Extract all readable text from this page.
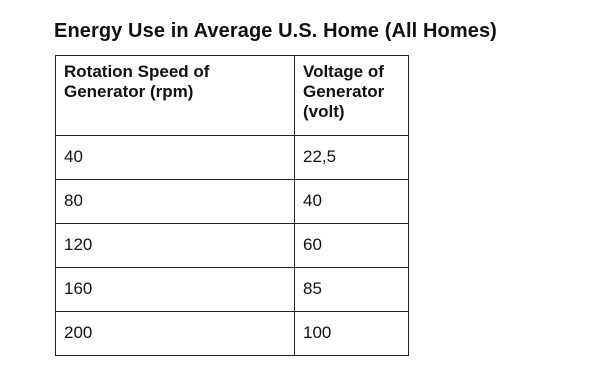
Energy Use in Average U.S. Home (All Homes)
Rotation Speed of Generator (rpm)	Voltage of Generator (volt)
40	22,5
80	40
120	60
160	85
200	100
